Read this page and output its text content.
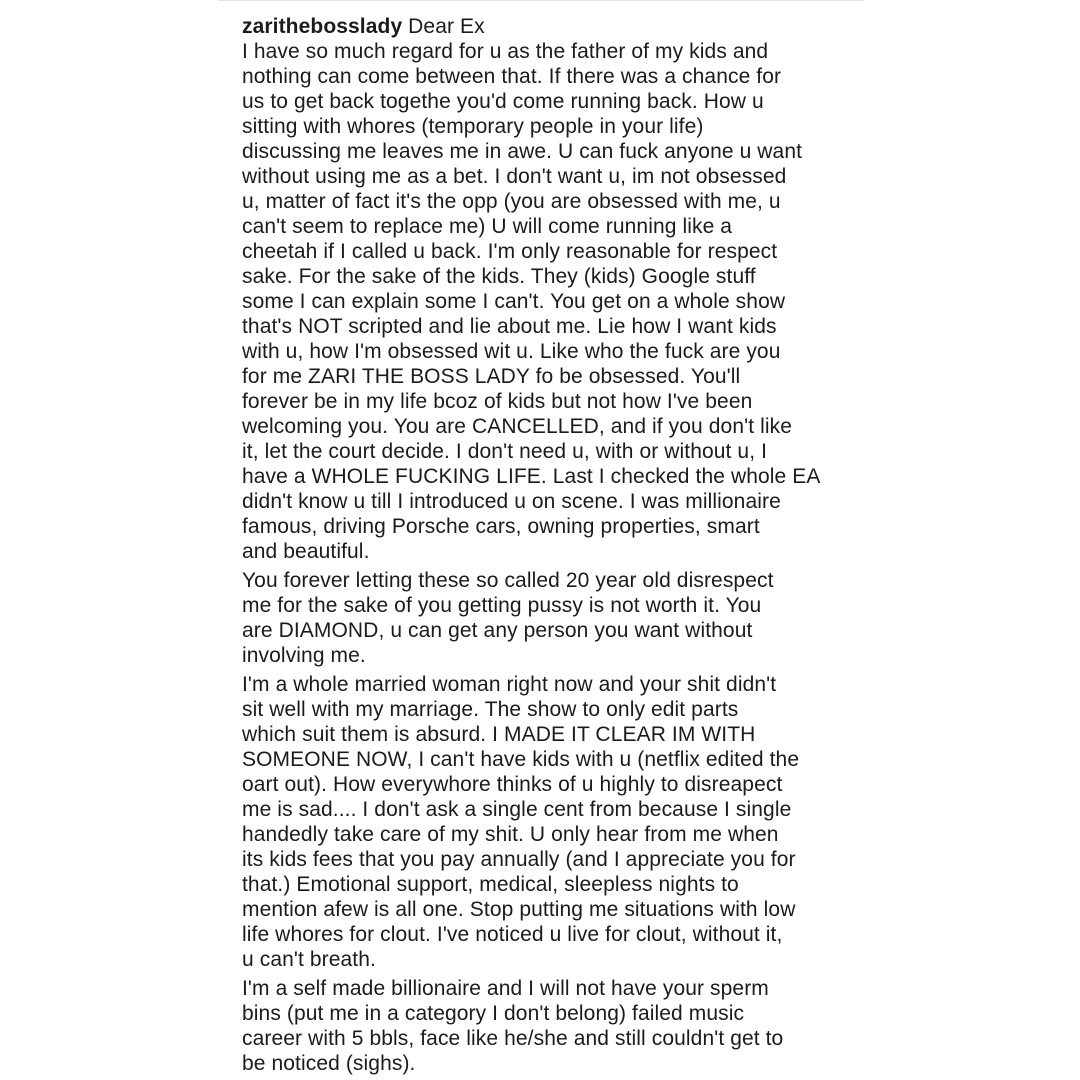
zarithebosslady Dear Ex

I have so much regard for u as the father of my kids and
nothing can come between that. If there was a chance for
us to get back togethe you'd come running back. How u
sitting with whores (temporary people in your life)
discussing me leaves me in awe. U can fuck anyone u want
without using me as a bet. I don't want u, im not obsessed
u, matter of fact it's the opp (you are obsessed with me, u
can't seem to replace me) U will come running like a
cheetah if I called u back. I'm only reasonable for respect
sake. For the sake of the kids. They (kids) Google stuff
some I can explain some I can't. You get on a whole show
that's NOT scripted and lie about me. Lie how I want kids
with u, how I'm obsessed wit u. Like who the fuck are you
for me ZARI THE BOSS LADY fo be obsessed. You'll
forever be in my life bcoz of kids but not how I've been
welcoming you. You are CANCELLED, and if you don't like
it, let the court decide. I don't need u, with or without u, I
have a WHOLE FUCKING LIFE. Last I checked the whole EA
didn't know u till I introduced u on scene. I was millionaire
famous, driving Porsche cars, owning properties, smart
and beautiful.
You forever letting these so called 20 year old disrespect
me for the sake of you getting pussy is not worth it. You
are DIAMOND, u can get any person you want without
involving me.
I'm a whole married woman right now and your shit didn't
sit well with my marriage. The show to only edit parts
which suit them is absurd. I MADE IT CLEAR IM WITH
SOMEONE NOW, I can't have kids with u (netflix edited the
oart out). How everywhore thinks of u highly to disreapect
me is sad.... I don't ask a single cent from because I single
handedly take care of my shit. U only hear from me when
its kids fees that you pay annually (and I appreciate you for
that.) Emotional support, medical, sleepless nights to
mention afew is all one. Stop putting me situations with low
life whores for clout. I've noticed u live for clout, without it,
u can't breath.
I'm a self made billionaire and I will not have your sperm
bins (put me in a category I don't belong) failed music
career with 5 bbls, face like he/she and still couldn't get to
be noticed (sighs).
